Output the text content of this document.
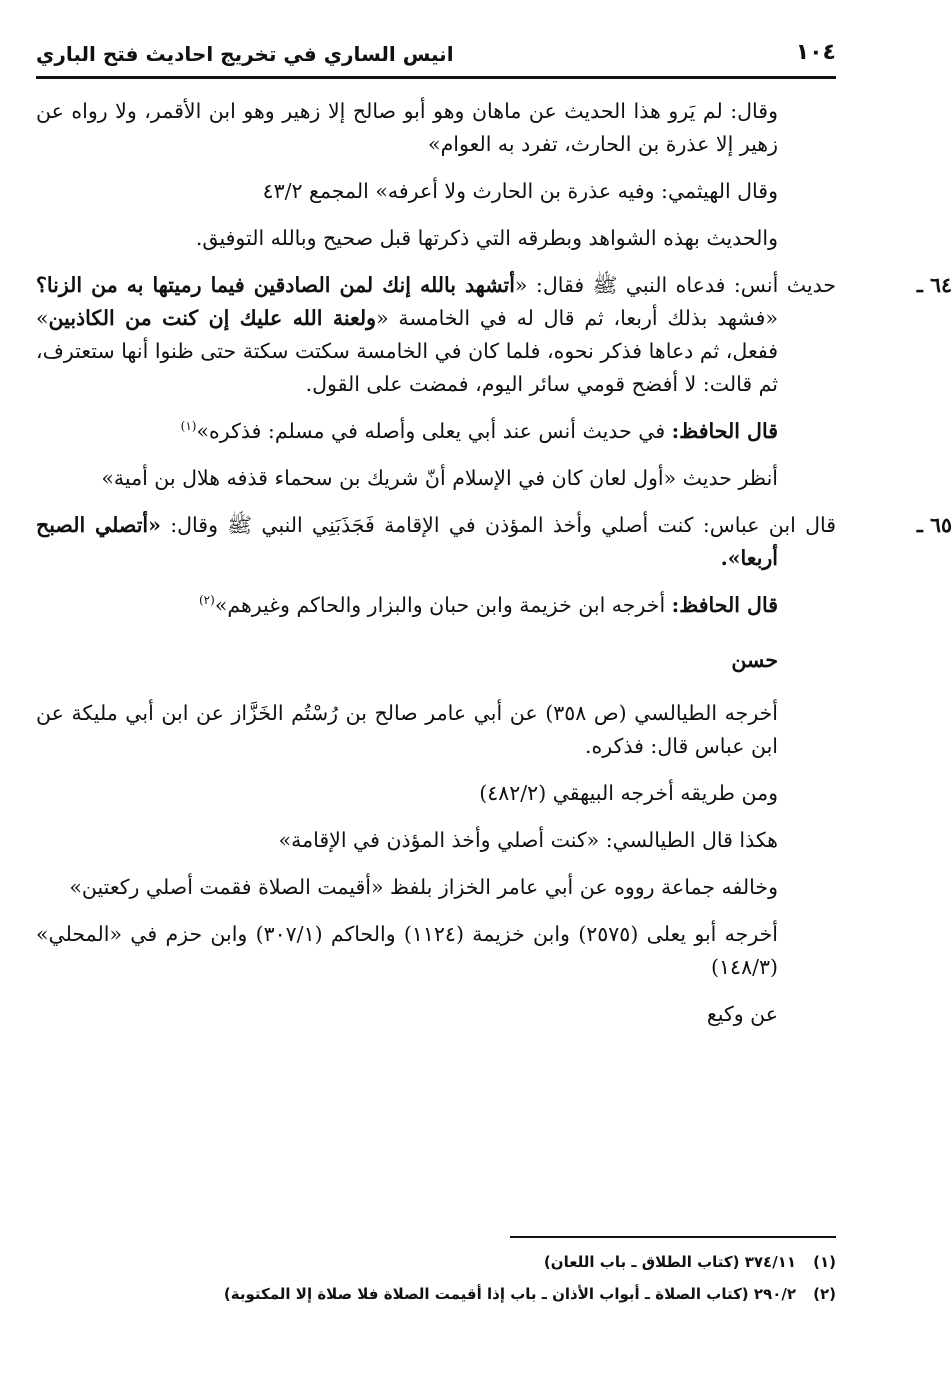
انيس الساري في تخريج احاديث فتح الباري	١٠٤

وقال: لم يَرو هذا الحديث عن ماهان وهو أبو صالح إلا زهير وهو ابن الأقمر، ولا رواه عن زهير إلا عذرة بن الحارث، تفرد به العوام»

وقال الهيثمي: وفيه عذرة بن الحارث ولا أعرفه» المجمع ٤٣/٢

والحديث بهذه الشواهد وبطرقه التي ذكرتها قبل صحيح وبالله التوفيق.

٦٤ ـحديث أنس: فدعاه النبي ﷺ فقال: «أتشهد بالله إنك لمن الصادقين فيما رميتها به من الزنا؟ «فشهد بذلك أربعا، ثم قال له في الخامسة «ولعنة الله عليك إن كنت من الكاذبين» ففعل، ثم دعاها فذكر نحوه، فلما كان في الخامسة سكتت سكتة حتى ظنوا أنها ستعترف، ثم قالت: لا أفضح قومي سائر اليوم، فمضت على القول.

قال الحافظ: في حديث أنس عند أبي يعلى وأصله في مسلم: فذكره»$^{(١)}$

أنظر حديث «أول لعان كان في الإسلام أنّ شريك بن سحماء قذفه هلال بن أمية»

٦٥ ـقال ابن عباس: كنت أصلي وأخذ المؤذن في الإقامة فَجَذَبَنِي النبي ﷺ وقال: «أتصلي الصبح أربعا».

قال الحافظ: أخرجه ابن خزيمة وابن حبان والبزار والحاكم وغيرهم»$^{(٢)}$

حسن

أخرجه الطيالسي (ص ٣٥٨) عن أبي عامر صالح بن رُسْتُم الخَزَّاز عن ابن أبي مليكة عن ابن عباس قال: فذكره.

ومن طريقه أخرجه البيهقي (٤٨٢/٢)

هكذا قال الطيالسي: «كنت أصلي وأخذ المؤذن في الإقامة»

وخالفه جماعة رووه عن أبي عامر الخزاز بلفظ «أقيمت الصلاة فقمت أصلي ركعتين»

أخرجه أبو يعلى (٢٥٧٥) وابن خزيمة (١١٢٤) والحاكم (٣٠٧/١) وابن حزم في «المحلي» (١٤٨/٣)

عن وكيع

(١)٣٧٤/١١ (كتاب الطلاق ـ باب اللعان)
(٢)٢٩٠/٢ (كتاب الصلاة ـ أبواب الأذان ـ باب إذا أقيمت الصلاة فلا صلاة إلا المكتوبة)
